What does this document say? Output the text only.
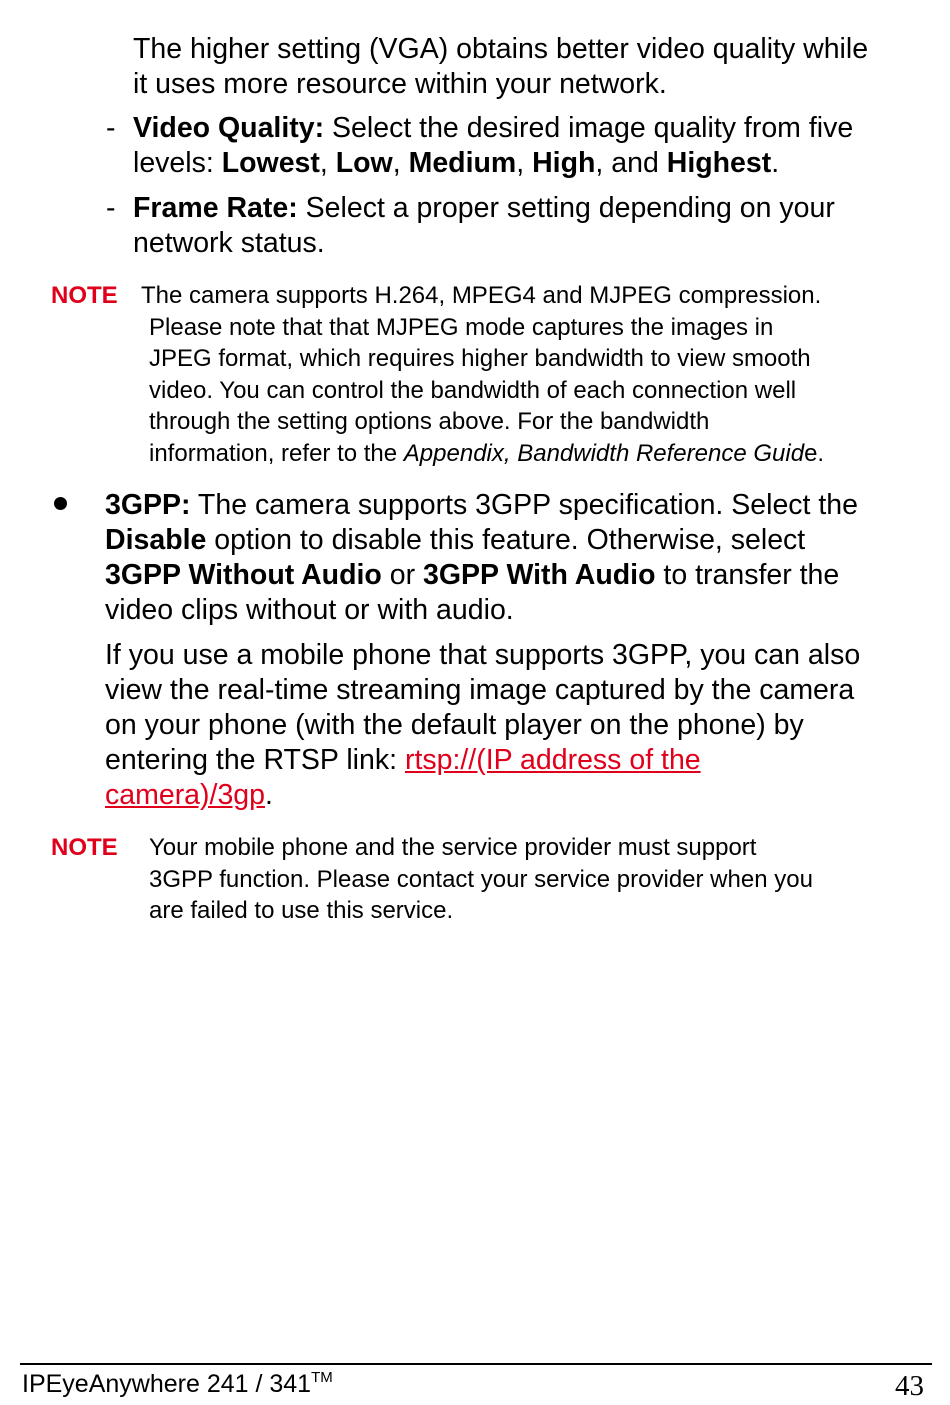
The higher setting (VGA) obtains better video quality while
it uses more resource within your network.
- Video Quality: Select the desired image quality from five
levels: Lowest, Low, Medium, High, and Highest.
- Frame Rate: Select a proper setting depending on your
network status.
NOTE The camera supports H.264, MPEG4 and MJPEG compression.
Please note that that MJPEG mode captures the images in
JPEG format, which requires higher bandwidth to view smooth
video. You can control the bandwidth of each connection well
through the setting options above. For the bandwidth
information, refer to the Appendix, Bandwidth Reference Guide.
3GPP: The camera supports 3GPP specification. Select the
Disable option to disable this feature. Otherwise, select
3GPP Without Audio or 3GPP With Audio to transfer the
video clips without or with audio.
If you use a mobile phone that supports 3GPP, you can also
view the real-time streaming image captured by the camera
on your phone (with the default player on the phone) by
entering the RTSP link: rtsp://(IP address of the
camera)/3gp.
NOTE Your mobile phone and the service provider must support
3GPP function. Please contact your service provider when you
are failed to use this service.
IPEyeAnywhere 241 / 341™	43
